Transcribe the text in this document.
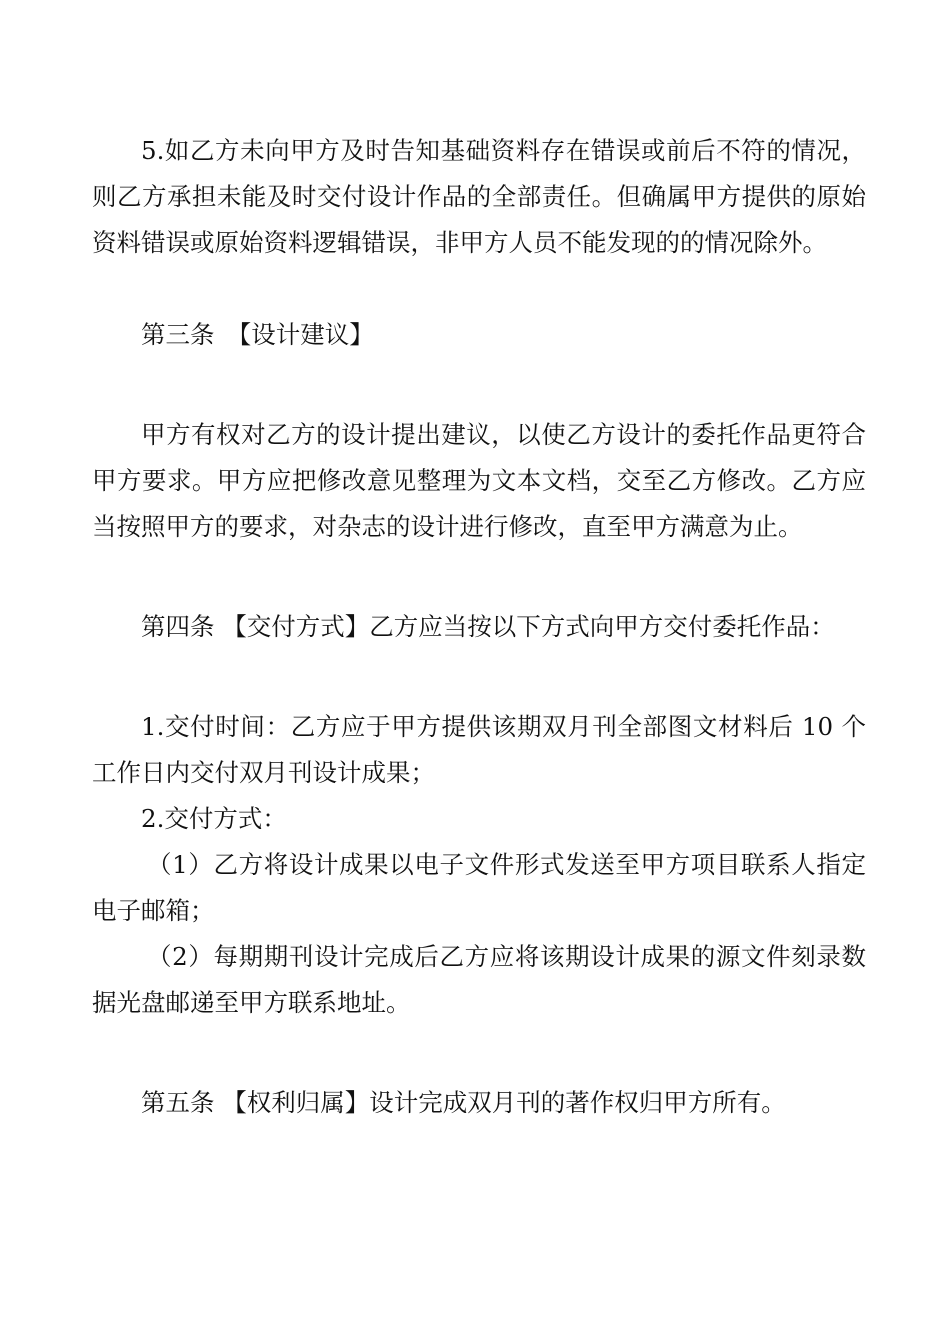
5.如乙方未向甲方及时告知基础资料存在错误或前后不符的情况，则乙方承担未能及时交付设计作品的全部责任。但确属甲方提供的原始资料错误或原始资料逻辑错误，非甲方人员不能发现的的情况除外。

第三条　【设计建议】

甲方有权对乙方的设计提出建议，以使乙方设计的委托作品更符合甲方要求。甲方应把修改意见整理为文本文档，交至乙方修改。乙方应当按照甲方的要求，对杂志的设计进行修改，直至甲方满意为止。

第四条 【交付方式】乙方应当按以下方式向甲方交付委托作品：

1.交付时间：乙方应于甲方提供该期双月刊全部图文材料后 10 个工作日内交付双月刊设计成果；

2.交付方式：

（1）乙方将设计成果以电子文件形式发送至甲方项目联系人指定电子邮箱；

（2）每期期刊设计完成后乙方应将该期设计成果的源文件刻录数据光盘邮递至甲方联系地址。

第五条 【权利归属】设计完成双月刊的著作权归甲方所有。
